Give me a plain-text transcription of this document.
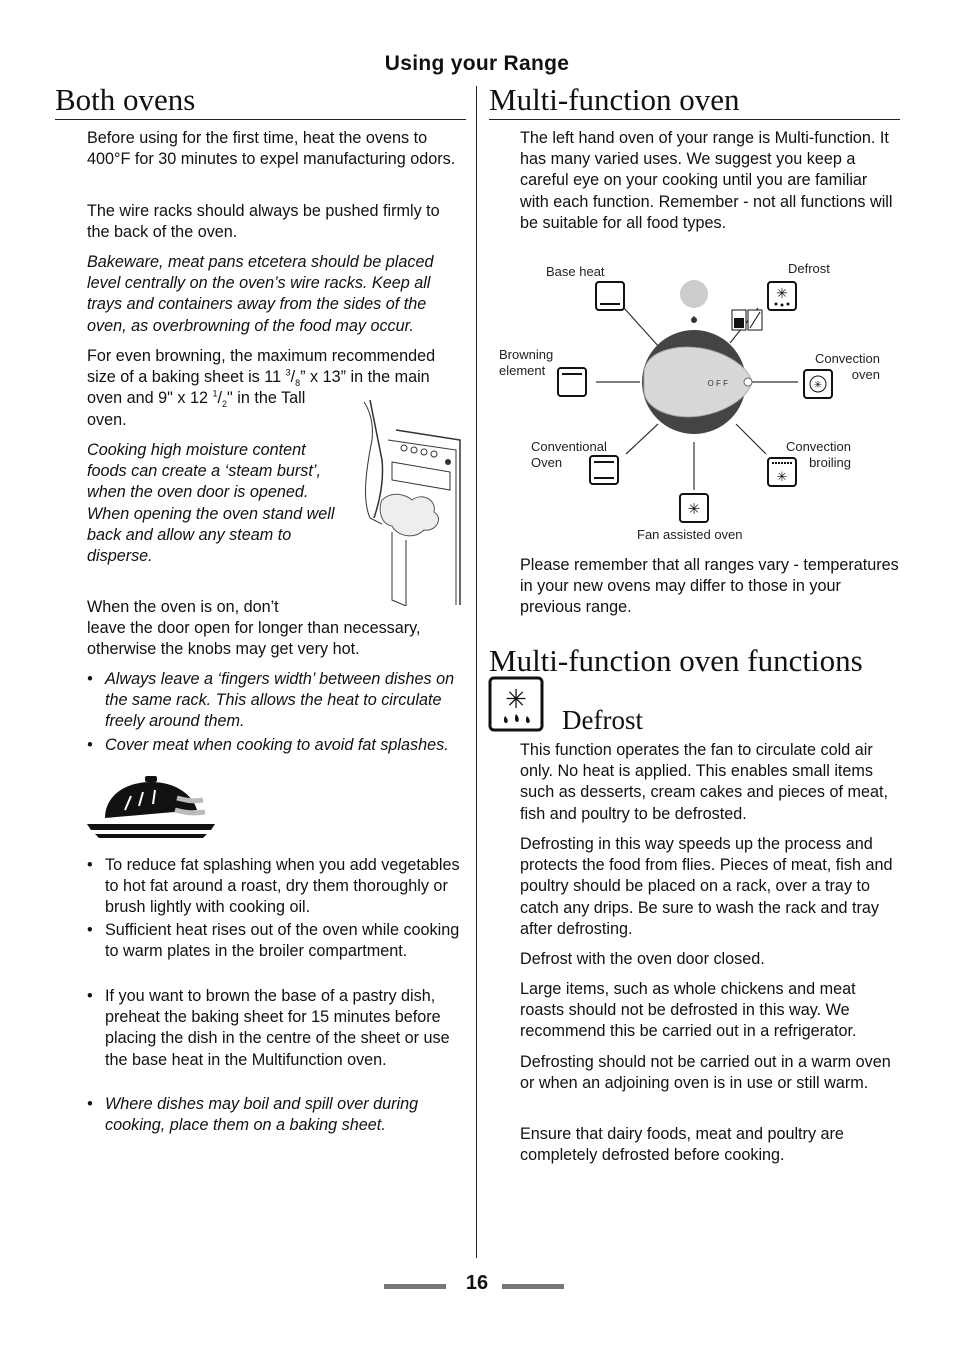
Using your Range
Both ovens

Before using for the first time, heat the ovens to 400°F for 30 minutes to expel manufacturing odors.

The wire racks should always be pushed firmly to the back of the oven.

Bakeware, meat pans etcetera should be placed level centrally on the oven’s wire racks. Keep all trays and containers away from the sides of the oven, as overbrowning of the food may occur.

For even browning, the maximum recommended size of a baking sheet is 11 $^3/_8$” x 13” in the main
oven and 9" x 12 $^1/_2$" in the Tall
oven.

Cooking high moisture content foods can create a ‘steam burst’, when the oven door is opened. When opening the oven stand well back and allow any steam to disperse.

When the oven is on, don’t

leave the door open for longer than necessary, otherwise the knobs may get very hot.

• Always leave a ‘fingers width’ between dishes on the same rack. This allows the heat to circulate freely around them.
• Cover meat when cooking to avoid fat splashes.
• To reduce fat splashing when you add vegetables to hot fat around a roast, dry them thoroughly or brush lightly with cooking oil.
• Sufficient heat rises out of the oven while cooking to warm plates in the broiler compartment.
• If you want to brown the base of a pastry dish, preheat the baking sheet for 15 minutes before placing the dish in the centre of the sheet or use the base heat in the Multifunction oven.
• Where dishes may boil and spill over during cooking, place them on a baking sheet.
Multi-function oven

The left hand oven of your range is Multi-function. It has many varied uses. We suggest you keep a careful eye on your cooking until you are familiar with each function. Remember - not all functions will be suitable for all food types.

O F F
✳
✳
✳
✳
Base heat	Defrost
Browning
element
Convection
oven
Conventional
Oven
Convection
broiling
Fan assisted oven

Please remember that all ranges vary - temperatures in your new ovens may differ to those in your previous range.

Multi-function oven functions
✳
Defrost

This function operates the fan to circulate cold air only. No heat is applied. This enables small items such as desserts, cream cakes and pieces of meat, fish and poultry to be defrosted.

Defrosting in this way speeds up the process and protects the food from flies. Pieces of meat, fish and poultry should be placed on a rack, over a tray to catch any drips. Be sure to wash the rack and tray after defrosting.

Defrost with the oven door closed.

Large items, such as whole chickens and meat roasts should not be defrosted in this way. We recommend this be carried out in a refrigerator.

Defrosting should not be carried out in a warm oven or when an adjoining oven is in use or still warm.

Ensure that dairy foods, meat and poultry are completely defrosted before cooking.

16
